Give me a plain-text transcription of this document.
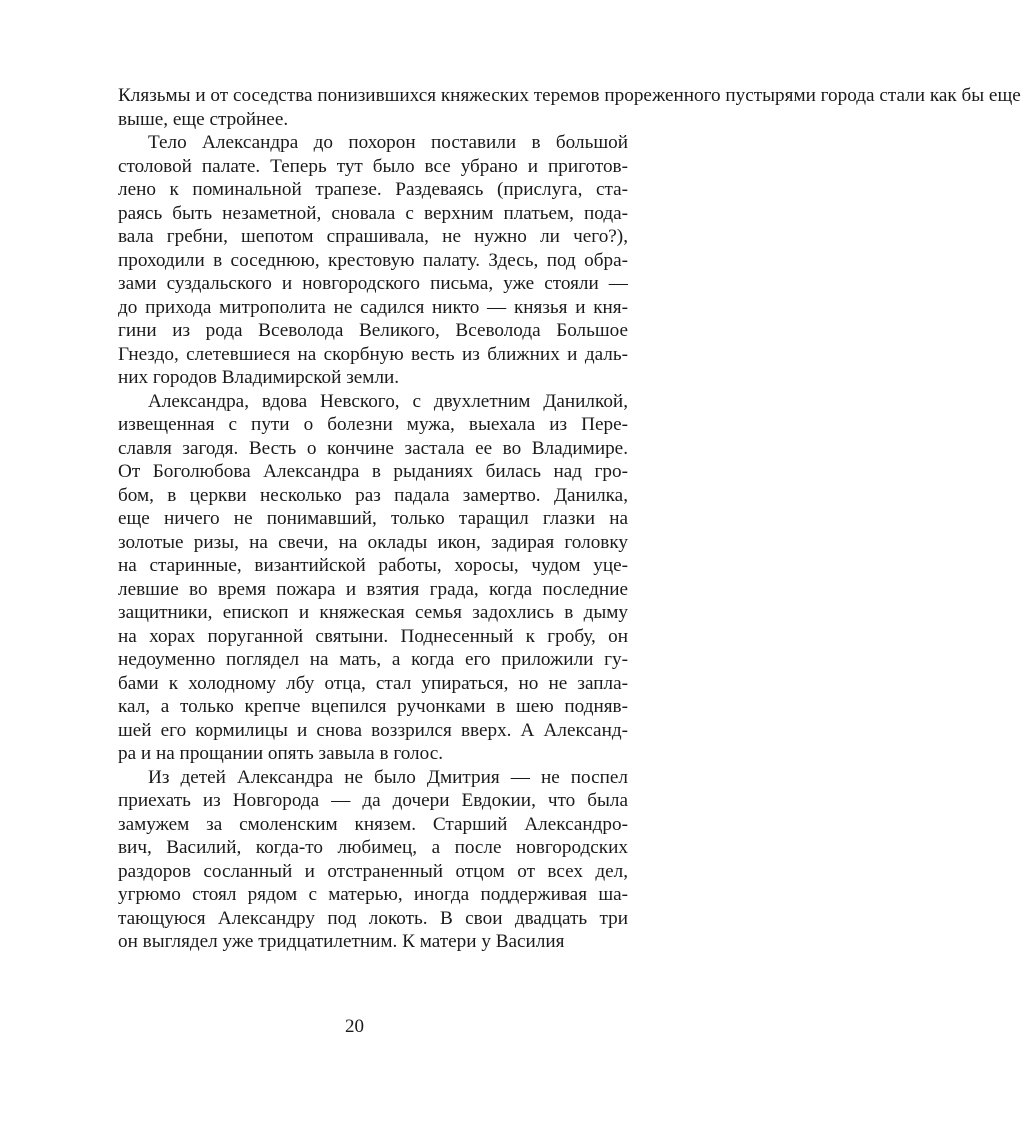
Клязьмы и от соседства понизившихся княжеских теремов прореженного пустырями города стали как бы еще
выше, еще стройнее.
Тело Александра до похорон поставили в большой
столовой палате. Теперь тут было все убрано и приготов-
лено к поминальной трапезе. Раздеваясь (прислуга, ста-
раясь быть незаметной, сновала с верхним платьем, пода-
вала гребни, шепотом спрашивала, не нужно ли чего?),
проходили в соседнюю, крестовую палату. Здесь, под обра-
зами суздальского и новгородского письма, уже стояли —
до прихода митрополита не садился никто — князья и кня-
гини из рода Всеволода Великого, Всеволода Большое
Гнездо, слетевшиеся на скорбную весть из ближних и даль-
них городов Владимирской земли.
Александра, вдова Невского, с двухлетним Данилкой,
извещенная с пути о болезни мужа, выехала из Пере-
славля загодя. Весть о кончине застала ее во Владимире.
От Боголюбова Александра в рыданиях билась над гро-
бом, в церкви несколько раз падала замертво. Данилка,
еще ничего не понимавший, только таращил глазки на
золотые ризы, на свечи, на оклады икон, задирая головку
на старинные, византийской работы, хоросы, чудом уце-
левшие во время пожара и взятия града, когда последние
защитники, епископ и княжеская семья задохлись в дыму
на хорах поруганной святыни. Поднесенный к гробу, он
недоуменно поглядел на мать, а когда его приложили гу-
бами к холодному лбу отца, стал упираться, но не запла-
кал, а только крепче вцепился ручонками в шею подняв-
шей его кормилицы и снова воззрился вверх. А Александ-
ра и на прощании опять завыла в голос.
Из детей Александра не было Дмитрия — не поспел
приехать из Новгорода — да дочери Евдокии, что была
замужем за смоленским князем. Старший Александро-
вич, Василий, когда-то любимец, а после новгородских
раздоров сосланный и отстраненный отцом от всех дел,
угрюмо стоял рядом с матерью, иногда поддерживая ша-
тающуюся Александру под локоть. В свои двадцать три
он выглядел уже тридцатилетним. К матери у Василия
20
